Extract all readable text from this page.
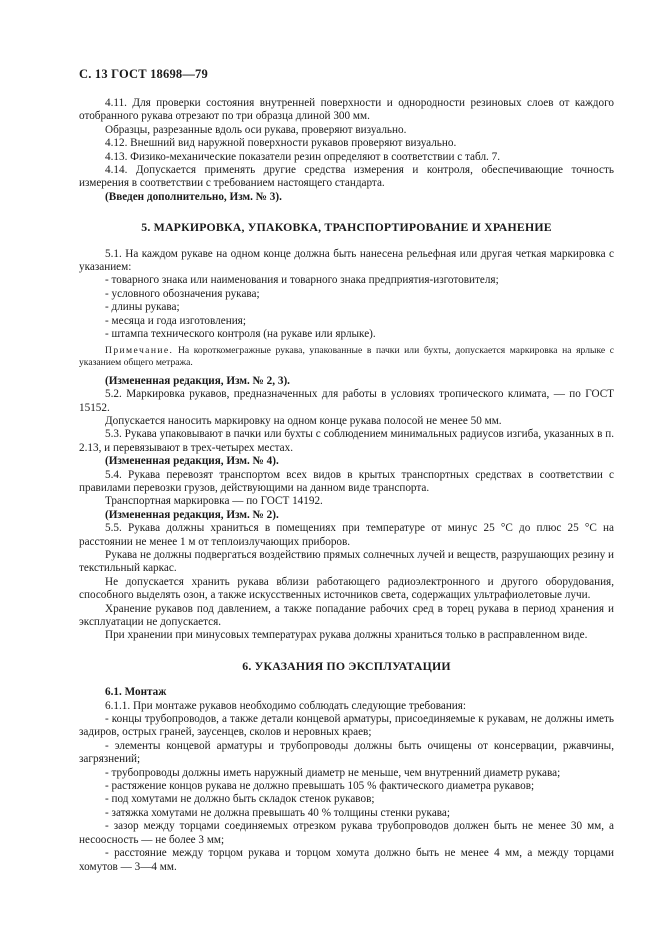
С. 13 ГОСТ 18698—79

4.11. Для проверки состояния внутренней поверхности и однородности резиновых слоев от каждого отобранного рукава отрезают по три образца длиной 300 мм.

Образцы, разрезанные вдоль оси рукава, проверяют визуально.

4.12. Внешний вид наружной поверхности рукавов проверяют визуально.

4.13. Физико-механические показатели резин определяют в соответствии с табл. 7.

4.14. Допускается применять другие средства измерения и контроля, обеспечивающие точность измерения в соответствии с требованием настоящего стандарта.

(Введен дополнительно, Изм. № 3).

5. МАРКИРОВКА, УПАКОВКА, ТРАНСПОРТИРОВАНИЕ И ХРАНЕНИЕ

5.1. На каждом рукаве на одном конце должна быть нанесена рельефная или другая четкая маркировка с указанием:

- товарного знака или наименования и товарного знака предприятия-изготовителя;

- условного обозначения рукава;

- длины рукава;

- месяца и года изготовления;

- штампа технического контроля (на рукаве или ярлыке).

Примечание. На короткомегражные рукава, упакованные в пачки или бухты, допускается маркировка на ярлыке с указанием общего метража.

(Измененная редакция, Изм. № 2, 3).

5.2. Маркировка рукавов, предназначенных для работы в условиях тропического климата, — по ГОСТ 15152.

Допускается наносить маркировку на одном конце рукава полосой не менее 50 мм.

5.3. Рукава упаковывают в пачки или бухты с соблюдением минимальных радиусов изгиба, указанных в п. 2.13, и перевязывают в трех-четырех местах.

(Измененная редакция, Изм. № 4).

5.4. Рукава перевозят транспортом всех видов в крытых транспортных средствах в соответствии с правилами перевозки грузов, действующими на данном виде транспорта.

Транспортная маркировка — по ГОСТ 14192.

(Измененная редакция, Изм. № 2).

5.5. Рукава должны храниться в помещениях при температуре от минус 25 °С до плюс 25 °С на расстоянии не менее 1 м от теплоизлучающих приборов.

Рукава не должны подвергаться воздействию прямых солнечных лучей и веществ, разрушающих резину и текстильный каркас.

Не допускается хранить рукава вблизи работающего радиоэлектронного и другого оборудования, способного выделять озон, а также искусственных источников света, содержащих ультрафиолетовые лучи.

Хранение рукавов под давлением, а также попадание рабочих сред в торец рукава в период хранения и эксплуатации не допускается.

При хранении при минусовых температурах рукава должны храниться только в расправленном виде.

6. УКАЗАНИЯ ПО ЭКСПЛУАТАЦИИ

6.1. Монтаж

6.1.1. При монтаже рукавов необходимо соблюдать следующие требования:

- концы трубопроводов, а также детали концевой арматуры, присоединяемые к рукавам, не должны иметь задиров, острых граней, заусенцев, сколов и неровных краев;

- элементы концевой арматуры и трубопроводы должны быть очищены от консервации, ржавчины, загрязнений;

- трубопроводы должны иметь наружный диаметр не меньше, чем внутренний диаметр рукава;

- растяжение концов рукава не должно превышать 105 % фактического диаметра рукавов;

- под хомутами не должно быть складок стенок рукавов;

- затяжка хомутами не должна превышать 40 % толщины стенки рукава;

- зазор между торцами соединяемых отрезком рукава трубопроводов должен быть не менее 30 мм, а несоосность — не более 3 мм;

- расстояние между торцом рукава и торцом хомута должно быть не менее 4 мм, а между торцами хомутов — 3—4 мм.
